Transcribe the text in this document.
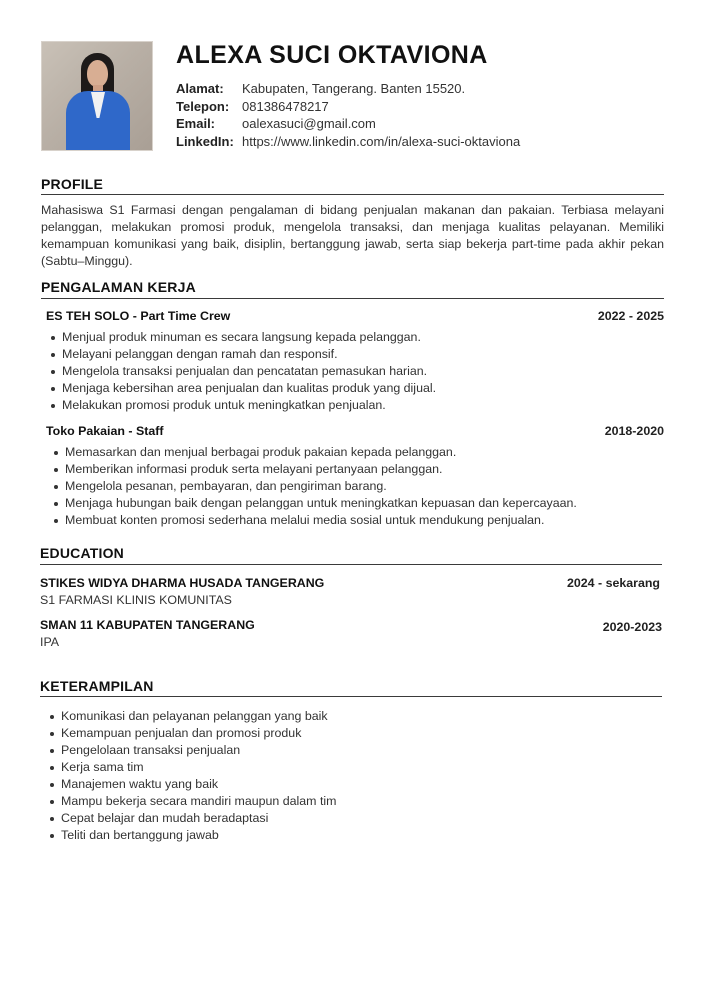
ALEXA SUCI OKTAVIONA
Alamat:	Kabupaten, Tangerang. Banten 15520.
Telepon: 081386478217
Email:	oalexasuci@gmail.com
LinkedIn: https://www.linkedin.com/in/alexa-suci-oktaviona
PROFILE
Mahasiswa S1 Farmasi dengan pengalaman di bidang penjualan makanan dan pakaian. Terbiasa melayani pelanggan, melakukan promosi produk, mengelola transaksi, dan menjaga kualitas pelayanan. Memiliki kemampuan komunikasi yang baik, disiplin, bertanggung jawab, serta siap bekerja part-time pada akhir pekan (Sabtu–Minggu).
PENGALAMAN KERJA
ES TEH SOLO - Part Time Crew	2022 - 2025
Menjual produk minuman es secara langsung kepada pelanggan.
Melayani pelanggan dengan ramah dan responsif.
Mengelola transaksi penjualan dan pencatatan pemasukan harian.
Menjaga kebersihan area penjualan dan kualitas produk yang dijual.
Melakukan promosi produk untuk meningkatkan penjualan.
Toko Pakaian - Staff	2018-2020
Memasarkan dan menjual berbagai produk pakaian kepada pelanggan.
Memberikan informasi produk serta melayani pertanyaan pelanggan.
Mengelola pesanan, pembayaran, dan pengiriman barang.
Menjaga hubungan baik dengan pelanggan untuk meningkatkan kepuasan dan kepercayaan.
Membuat konten promosi sederhana melalui media sosial untuk mendukung penjualan.
EDUCATION
STIKES WIDYA DHARMA HUSADA TANGERANG	2024 - sekarang
S1 FARMASI KLINIS KOMUNITAS
SMAN 11 KABUPATEN TANGERANG	2020-2023
IPA
KETERAMPILAN
Komunikasi dan pelayanan pelanggan yang baik
Kemampuan penjualan dan promosi produk
Pengelolaan transaksi penjualan
Kerja sama tim
Manajemen waktu yang baik
Mampu bekerja secara mandiri maupun dalam tim
Cepat belajar dan mudah beradaptasi
Teliti dan bertanggung jawab
